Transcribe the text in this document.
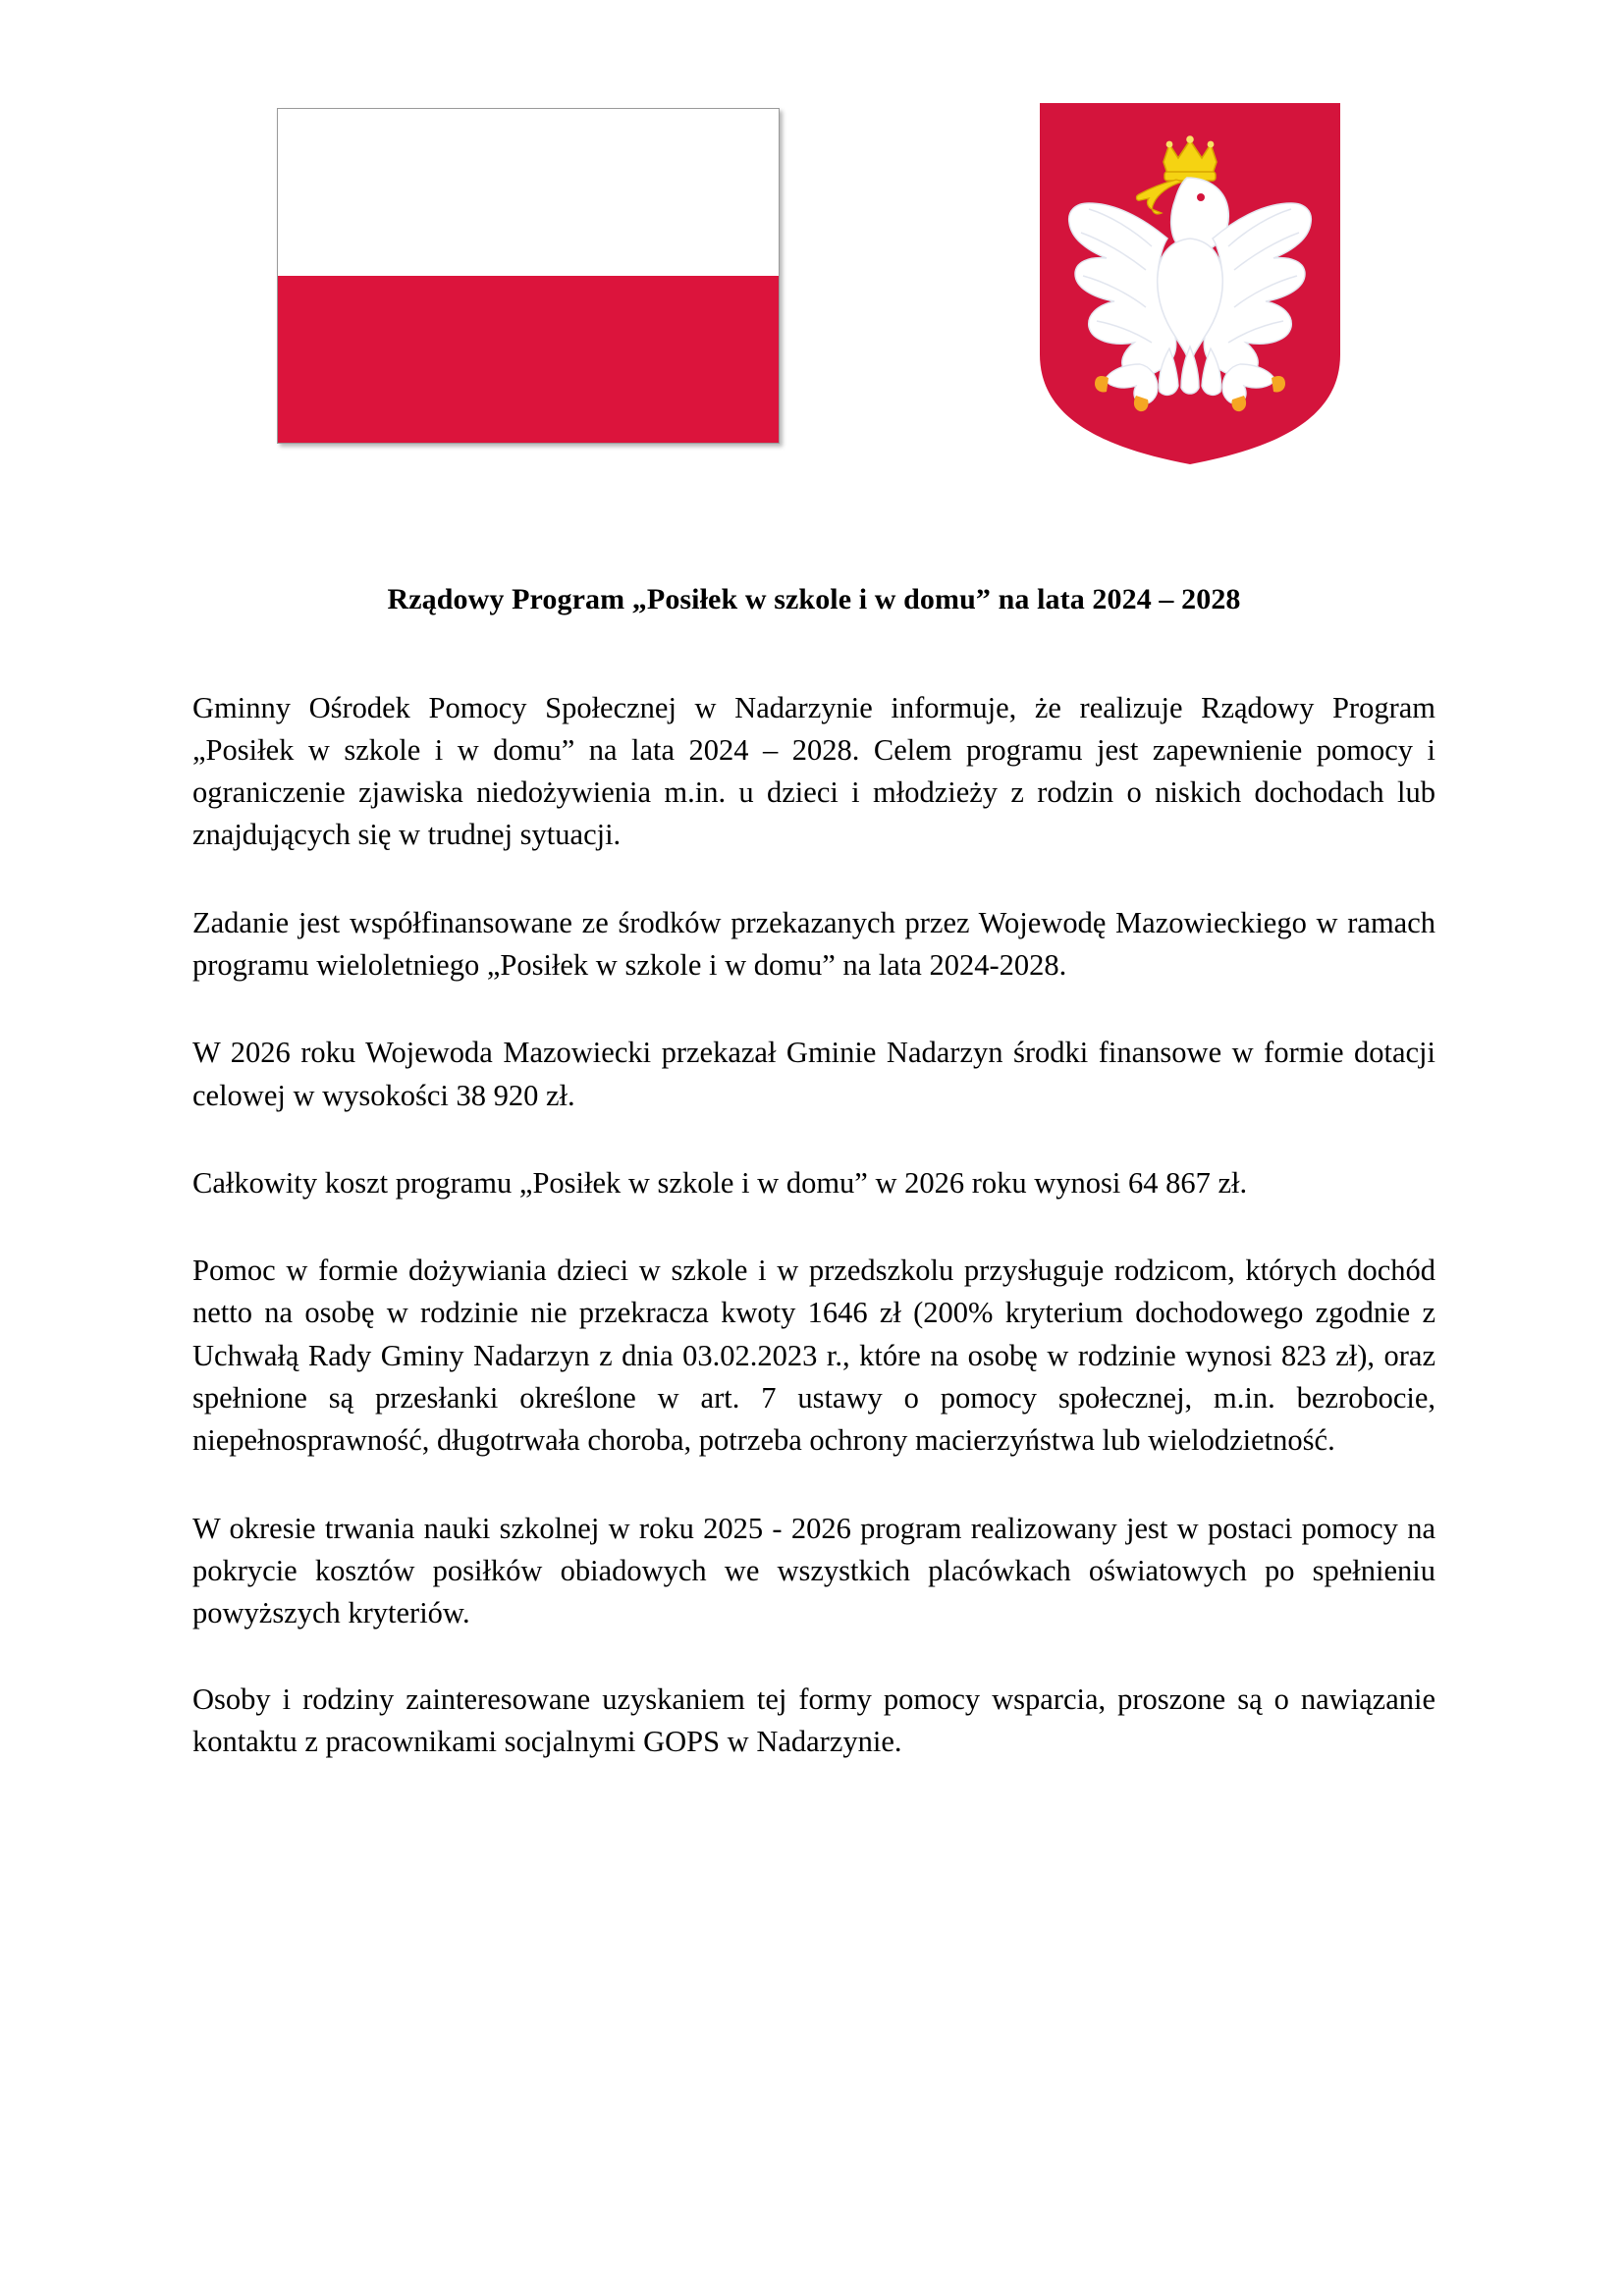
Rządowy Program „Posiłek w szkole i w domu” na lata 2024 – 2028

Gminny Ośrodek Pomocy Społecznej w Nadarzynie informuje, że realizuje Rządowy Program „Posiłek w szkole i w domu” na lata 2024 – 2028. Celem programu jest zapewnienie pomocy i ograniczenie zjawiska niedożywienia m.in. u dzieci i młodzieży z rodzin o niskich dochodach lub znajdujących się w trudnej sytuacji.

Zadanie jest współfinansowane ze środków przekazanych przez Wojewodę Mazowieckiego w ramach programu wieloletniego „Posiłek w szkole i w domu” na lata 2024-2028.

W 2026 roku Wojewoda Mazowiecki przekazał Gminie Nadarzyn środki finansowe w formie dotacji celowej w wysokości 38 920 zł.

Całkowity koszt programu „Posiłek w szkole i w domu” w 2026 roku wynosi 64 867 zł.

Pomoc w formie dożywiania dzieci w szkole i w przedszkolu przysługuje rodzicom, których dochód netto na osobę w rodzinie nie przekracza kwoty 1646 zł (200% kryterium dochodowego zgodnie z Uchwałą Rady Gminy Nadarzyn z dnia 03.02.2023 r., które na osobę w rodzinie wynosi 823 zł), oraz spełnione są przesłanki określone w art. 7 ustawy o pomocy społecznej, m.in. bezrobocie, niepełnosprawność, długotrwała choroba, potrzeba ochrony macierzyństwa lub wielodzietność.

W okresie trwania nauki szkolnej w roku 2025 - 2026 program realizowany jest w postaci pomocy na pokrycie kosztów posiłków obiadowych we wszystkich placówkach oświatowych po spełnieniu powyższych kryteriów.

Osoby i rodziny zainteresowane uzyskaniem tej formy pomocy wsparcia, proszone są o nawiązanie kontaktu z pracownikami socjalnymi GOPS w Nadarzynie.
